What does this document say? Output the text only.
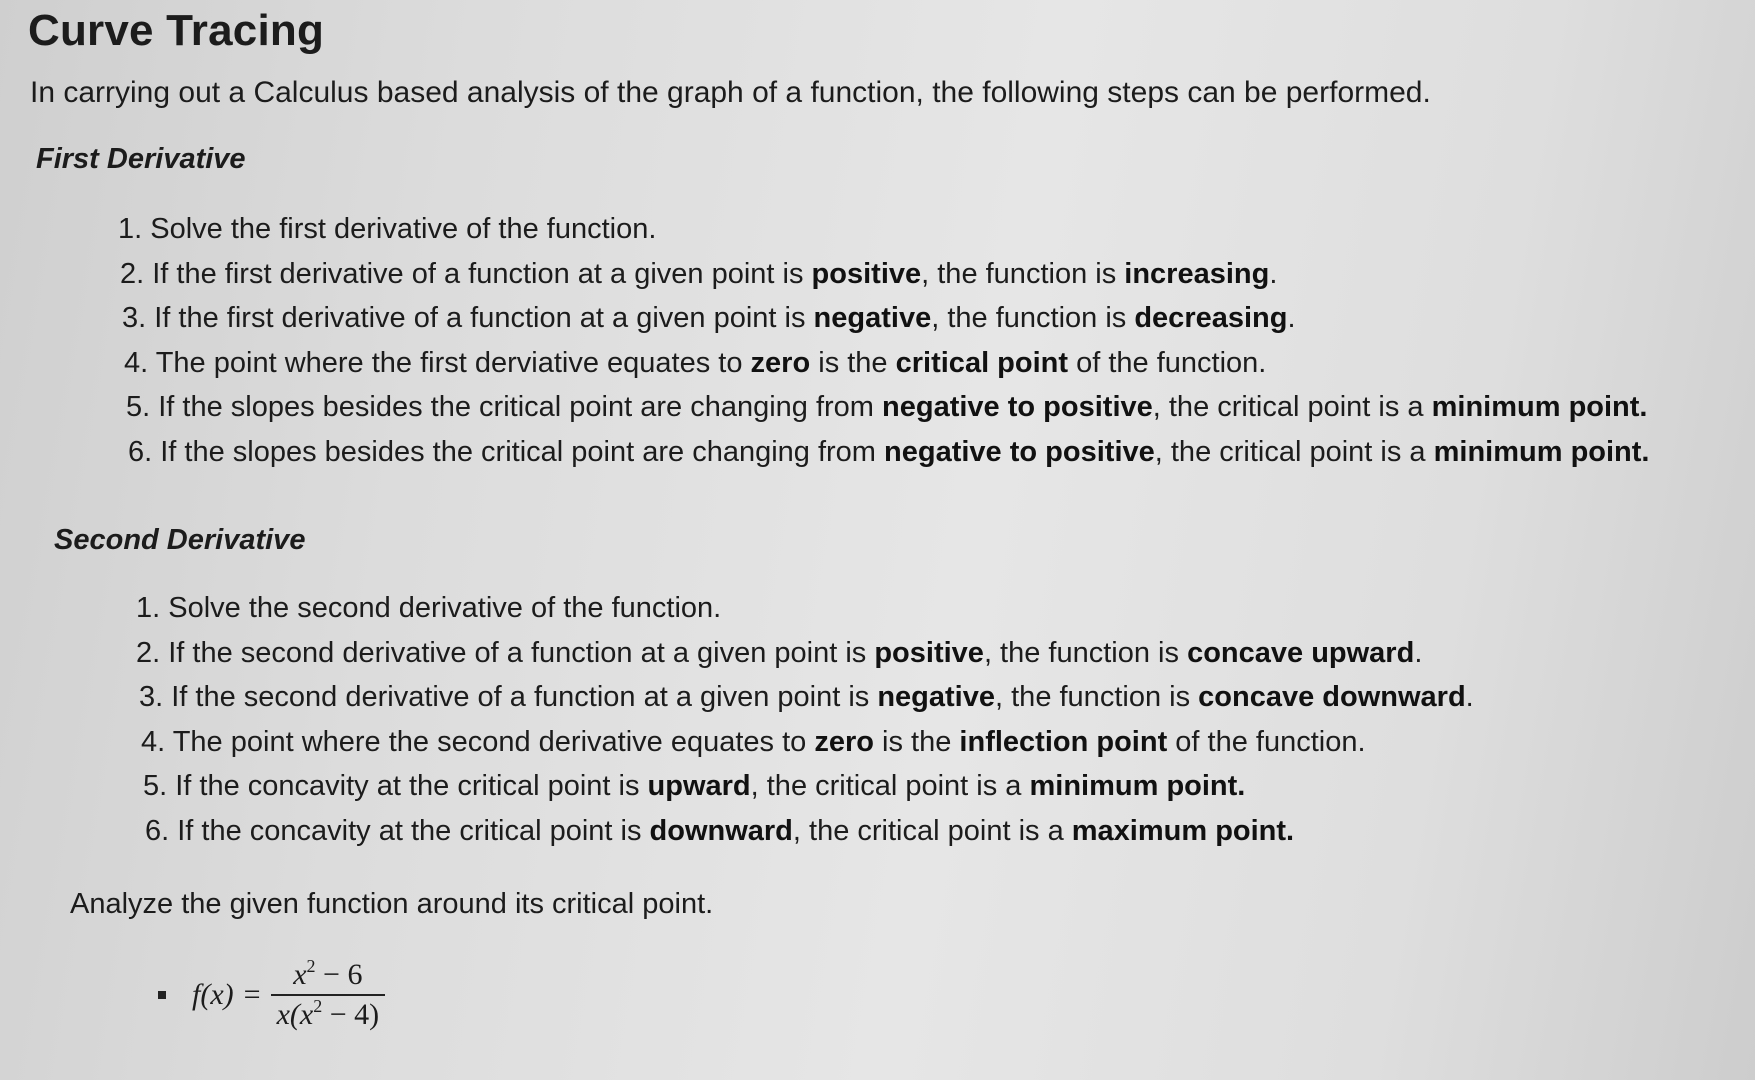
Curve Tracing

In carrying out a Calculus based analysis of the graph of a function, the following steps can be performed.

First Derivative
1. Solve the first derivative of the function.
2. If the first derivative of a function at a given point is positive, the function is increasing.
3. If the first derivative of a function at a given point is negative, the function is decreasing.
4. The point where the first derviative equates to zero is the critical point of the function.
5. If the slopes besides the critical point are changing from negative to positive, the critical point is a minimum point.
6. If the slopes besides the critical point are changing from negative to positive, the critical point is a minimum point.
Second Derivative
1. Solve the second derivative of the function.
2. If the second derivative of a function at a given point is positive, the function is concave upward.
3. If the second derivative of a function at a given point is negative, the function is concave downward.
4. The point where the second derivative equates to zero is the inflection point of the function.
5. If the concavity at the critical point is upward, the critical point is a minimum point.
6. If the concavity at the critical point is downward, the critical point is a maximum point.

Analyze the given function around its critical point.

$f(x) = \frac{x^2 - 6}{x(x^2 - 4)}$
